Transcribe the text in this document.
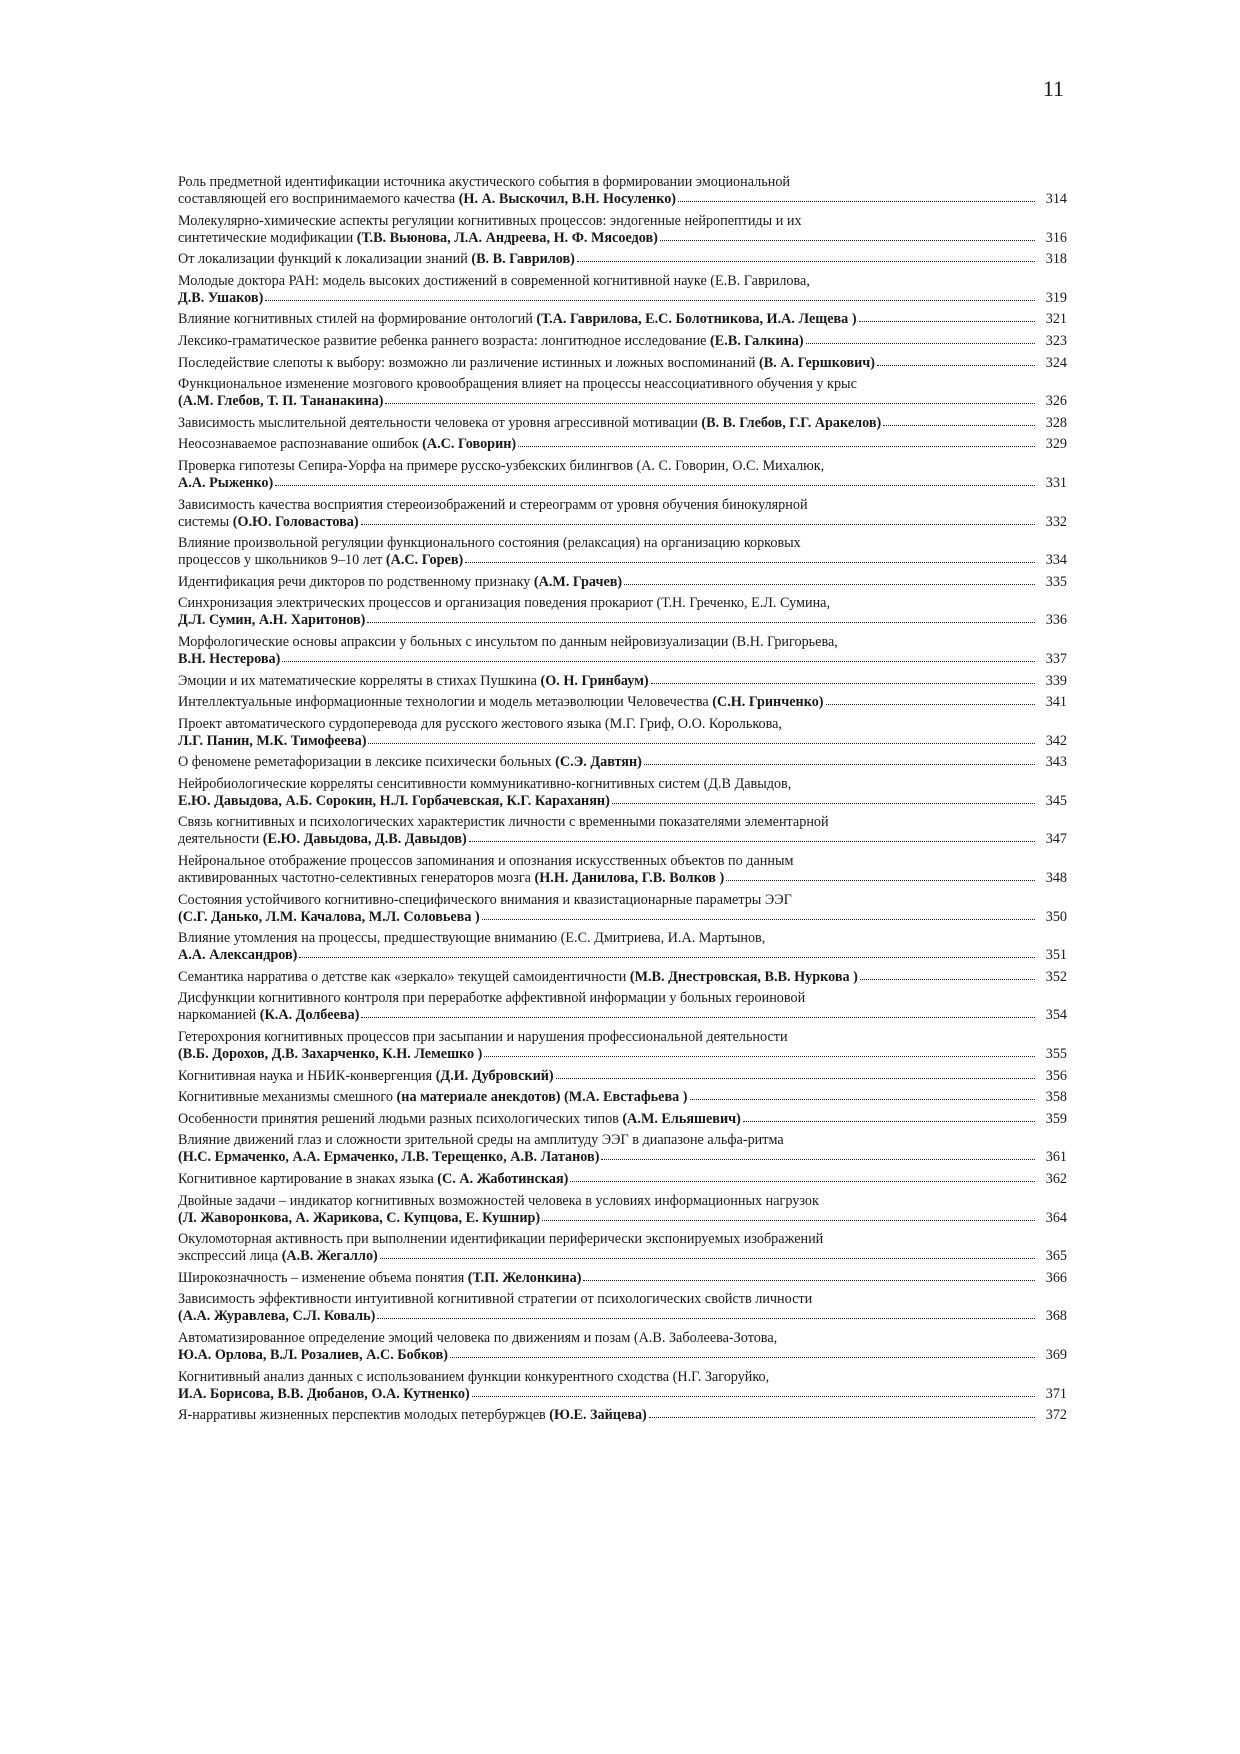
11
Роль предметной идентификации источника акустического события в формировании эмоциональной
составляющей его воспринимаемого качества (Н. А. Выскочил, В.Н. Носуленко)	314
Молекулярно-химические аспекты регуляции когнитивных процессов: эндогенные нейропептиды и их
синтетические модификации (Т.В. Вьюнова, Л.А. Андреева, Н. Ф. Мясоедов)	316
От локализации функций к локализации знаний (В. В. Гаврилов)	318
Молодые доктора РАН: модель высоких достижений в современной когнитивной науке (Е.В. Гаврилова,
Д.В. Ушаков)	319
Влияние когнитивных стилей на формирование онтологий (Т.А. Гаврилова, Е.С. Болотникова, И.А. Лещева )	321
Лексико-граматическое развитие ребенка раннего возраста: лонгитюдное исследование (Е.В. Галкина)	323
Последействие слепоты к выбору: возможно ли различение истинных и ложных воспоминаний (В. А. Гершкович)	324
Функциональное изменение мозгового кровообращения влияет на процессы неассоциативного обучения у крыс
(А.М. Глебов, Т. П. Тананакина)	326
Зависимость мыслительной деятельности человека от уровня агрессивной мотивации (В. В. Глебов, Г.Г. Аракелов)	328
Неосознаваемое распознавание ошибок (А.С. Говорин)	329
Проверка гипотезы Сепира-Уорфа на примере русско-узбекских билингвов (А. С. Говорин, О.С. Михалюк,
А.А. Рыженко)	331
Зависимость качества восприятия стереоизображений и стереограмм от уровня обучения бинокулярной
системы (О.Ю. Головастова)	332
Влияние произвольной регуляции функционального состояния (релаксация) на организацию корковых
процессов у школьников 9–10 лет (А.С. Горев)	334
Идентификация речи дикторов по родственному признаку (А.М. Грачев)	335
Синхронизация электрических процессов и организация поведения прокариот (Т.Н. Греченко, Е.Л. Сумина,
Д.Л. Сумин, А.Н. Харитонов)	336
Морфологические основы апраксии у больных с инсультом по данным нейровизуализации (В.Н. Григорьева,
В.Н. Нестерова)	337
Эмоции и их математические корреляты в стихах Пушкина (О. Н. Гринбаум)	339
Интеллектуальные информационные технологии и модель метаэволюции Человечества (С.Н. Гринченко)	341
Проект автоматического сурдоперевода для русского жестового языка (М.Г. Гриф, О.О. Королькова,
Л.Г. Панин, М.К. Тимофеева)	342
О феномене реметафоризации в лексике психически больных (С.Э. Давтян)	343
Нейробиологические корреляты сенситивности коммуникативно-когнитивных систем (Д.В Давыдов,
Е.Ю. Давыдова, А.Б. Сорокин, Н.Л. Горбачевская, К.Г. Караханян)	345
Связь когнитивных и психологических характеристик личности с временными показателями элементарной
деятельности (Е.Ю. Давыдова, Д.В. Давыдов)	347
Нейрональное отображение процессов запоминания и опознания искусственных объектов по данным
активированных частотно-селективных генераторов мозга (Н.Н. Данилова, Г.В. Волков )	348
Состояния устойчивого когнитивно-специфического внимания и квазистационарные параметры ЭЭГ
(С.Г. Данько, Л.М. Качалова, М.Л. Соловьева )	350
Влияние утомления на процессы, предшествующие вниманию (Е.С. Дмитриева, И.А. Мартынов,
А.А. Александров)	351
Семантика нарратива о детстве как «зеркало» текущей самоидентичности (М.В. Днестровская, В.В. Нуркова )	352
Дисфункции когнитивного контроля при переработке аффективной информации у больных героиновой
наркоманией (К.А. Долбеева)	354
Гетерохрония когнитивных процессов при засыпании и нарушения профессиональной деятельности
(В.Б. Дорохов, Д.В. Захарченко, К.Н. Лемешко )	355
Когнитивная наука и НБИК-конвергенция (Д.И. Дубровский)	356
Когнитивные механизмы смешного (на материале анекдотов) (М.А. Евстафьева )	358
Особенности принятия решений людьми разных психологических типов (А.М. Ельяшевич)	359
Влияние движений глаз и сложности зрительной среды на амплитуду ЭЭГ в диапазоне альфа-ритма
(Н.С. Ермаченко, А.А. Ермаченко, Л.В. Терещенко, А.В. Латанов)	361
Когнитивное картирование в знаках языка (С. А. Жаботинская)	362
Двойные задачи – индикатор когнитивных возможностей человека в условиях информационных нагрузок
(Л. Жаворонкова, А. Жарикова, С. Купцова, Е. Кушнир)	364
Окуломоторная активность при выполнении идентификации периферически экспонируемых изображений
экспрессий лица (А.В. Жегалло)	365
Широкозначность – изменение объема понятия (Т.П. Желонкина)	366
Зависимость эффективности интуитивной когнитивной стратегии от психологических свойств личности
(А.А. Журавлева, С.Л. Коваль)	368
Автоматизированное определение эмоций человека по движениям и позам (А.В. Заболеева-Зотова,
Ю.А. Орлова, В.Л. Розалиев, А.С. Бобков)	369
Когнитивный анализ данных с использованием функции конкурентного сходства (Н.Г. Загоруйко,
И.А. Борисова, В.В. Дюбанов, О.А. Кутненко)	371
Я-нарративы жизненных перспектив молодых петербуржцев (Ю.Е. Зайцева)	372
